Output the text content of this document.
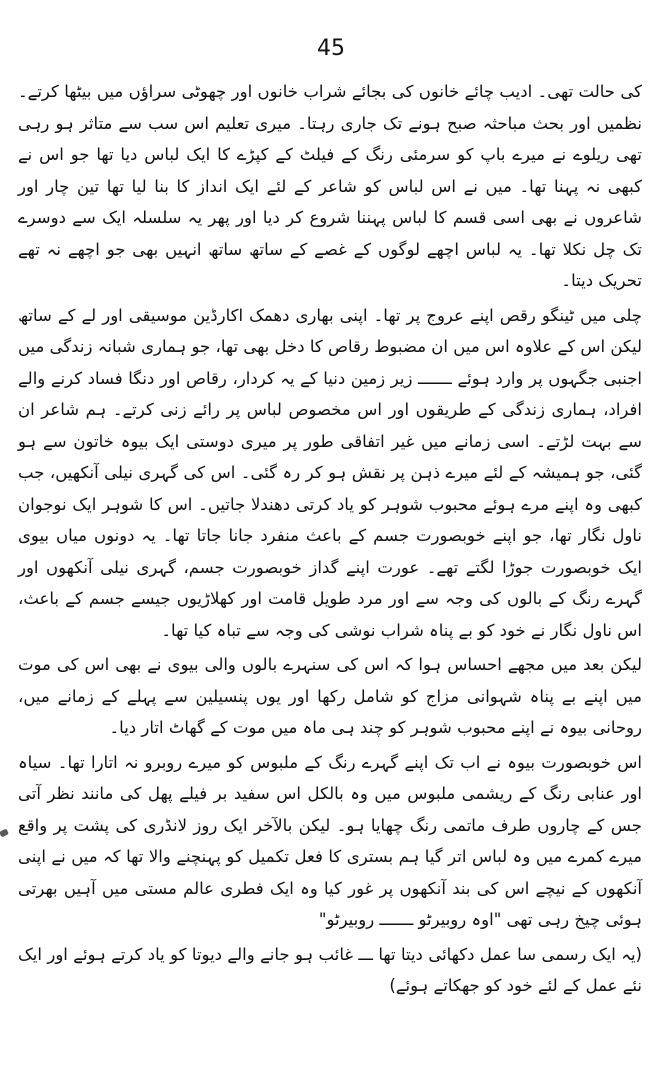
45

کی حالت تھی۔ ادیب چائے خانوں کی بجائے شراب خانوں اور چھوٹی سراؤں میں بیٹھا کرتے۔ نظمیں اور بحث مباحثہ صبح ہونے تک جاری رہتا۔ میری تعلیم اس سب سے متاثر ہو رہی تھی ریلوے نے میرے باپ کو سرمئی رنگ کے فیلٹ کے کپڑے کا ایک لباس دیا تھا جو اس نے کبھی نہ پہنا تھا۔ میں نے اس لباس کو شاعر کے لئے ایک انداز کا بنا لیا تھا تین چار اور شاعروں نے بھی اسی قسم کا لباس پہننا شروع کر دیا اور پھر یہ سلسلہ ایک سے دوسرے تک چل نکلا تھا۔ یہ لباس اچھے لوگوں کے غصے کے ساتھ ساتھ انہیں بھی جو اچھے نہ تھے تحریک دیتا۔

چلی میں ٹینگو رقص اپنے عروج پر تھا۔ اپنی بھاری دھمک اکارڈین موسیقی اور لے کے ساتھ لیکن اس کے علاوہ اس میں ان مضبوط رقاص کا دخل بھی تھا، جو ہماری شبانہ زندگی میں اجنبی جگہوں پر وارد ہوئے ـــــــ زیر زمین دنیا کے یہ کردار، رقاص اور دنگا فساد کرنے والے افراد، ہماری زندگی کے طریقوں اور اس مخصوص لباس پر رائے زنی کرتے۔ ہم شاعر ان سے بہت لڑتے۔ اسی زمانے میں غیر اتفاقی طور پر میری دوستی ایک بیوہ خاتون سے ہو گئی، جو ہمیشہ کے لئے میرے ذہن پر نقش ہو کر رہ گئی۔ اس کی گہری نیلی آنکھیں، جب کبھی وہ اپنے مرے ہوئے محبوب شوہر کو یاد کرتی دھندلا جاتیں۔ اس کا شوہر ایک نوجوان ناول نگار تھا، جو اپنے خوبصورت جسم کے باعث منفرد جانا جاتا تھا۔ یہ دونوں میاں بیوی ایک خوبصورت جوڑا لگتے تھے۔ عورت اپنے گداز خوبصورت جسم، گہری نیلی آنکھوں اور گہرے رنگ کے بالوں کی وجہ سے اور مرد طویل قامت اور کھلاڑیوں جیسے جسم کے باعث، اس ناول نگار نے خود کو بے پناہ شراب نوشی کی وجہ سے تباہ کیا تھا۔

لیکن بعد میں مجھے احساس ہوا کہ اس کی سنہرے بالوں والی بیوی نے بھی اس کی موت میں اپنے بے پناہ شہوانی مزاج کو شامل رکھا اور یوں پنسیلین سے پہلے کے زمانے میں، روحانی بیوہ نے اپنے محبوب شوہر کو چند ہی ماہ میں موت کے گھاٹ اتار دیا۔

اس خوبصورت بیوہ نے اب تک اپنے گہرے رنگ کے ملبوس کو میرے روبرو نہ اتارا تھا۔ سیاہ اور عنابی رنگ کے ریشمی ملبوس میں وہ بالکل اس سفید بر فیلے پھل کی مانند نظر آتی جس کے چاروں طرف ماتمی رنگ چھایا ہو۔ لیکن بالآخر ایک روز لانڈری کی پشت پر واقع میرے کمرے میں وہ لباس اتر گیا ہم بستری کا فعل تکمیل کو پہنچنے والا تھا کہ میں نے اپنی آنکھوں کے نیچے اس کی بند آنکھوں پر غور کیا وہ ایک فطری عالم مستی میں آہیں بھرتی ہوئی چیخ رہی تھی "اوہ روبیرٹو ـــــــ روبیرٹو"

(یہ ایک رسمی سا عمل دکھائی دیتا تھا ـــ غائب ہو جانے والے دیوتا کو یاد کرتے ہوئے اور ایک نئے عمل کے لئے خود کو جھکاتے ہوئے)
